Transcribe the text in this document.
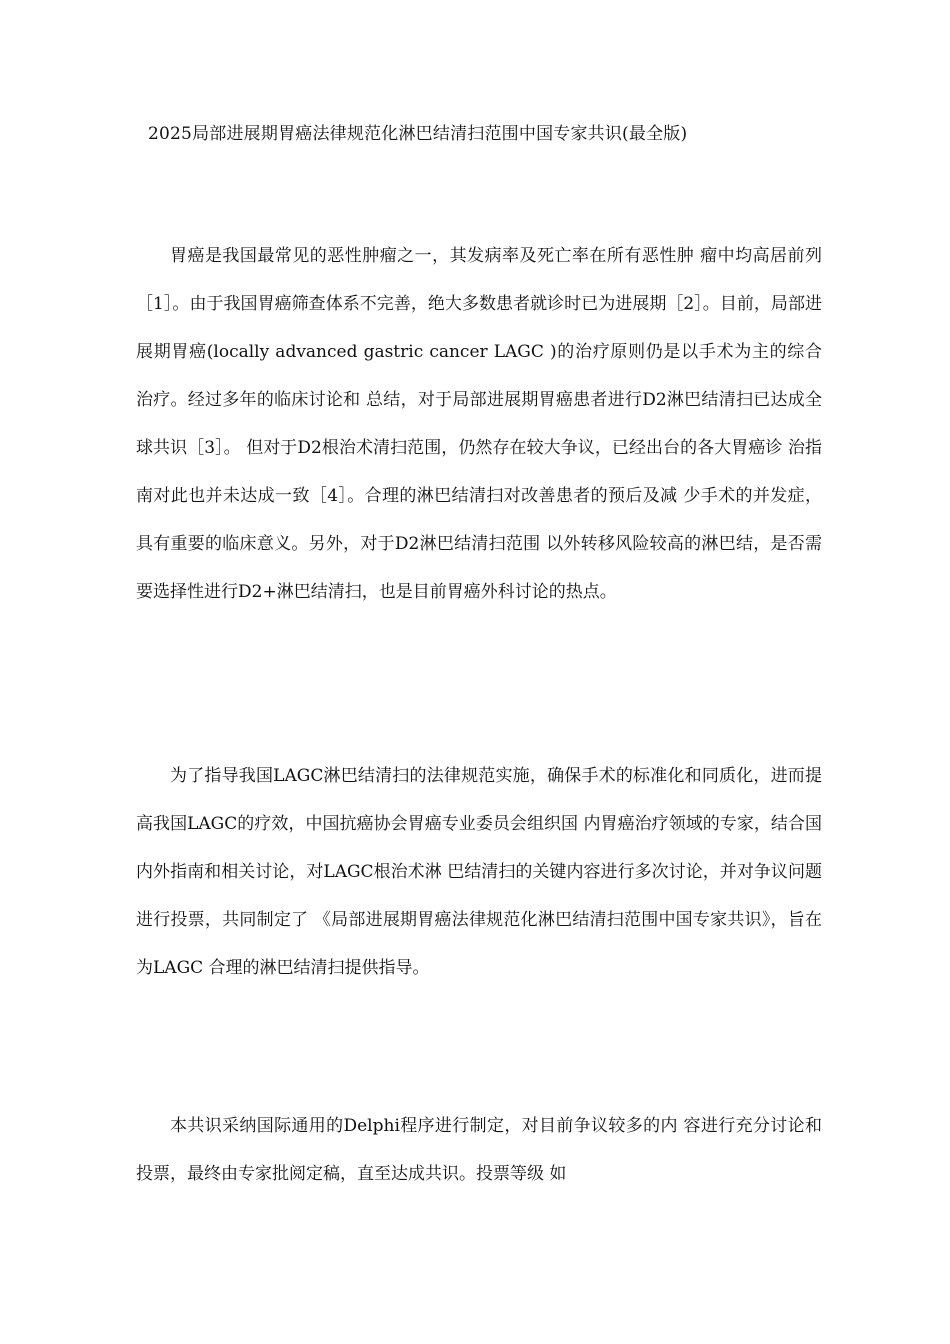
2025局部进展期胃癌法律规范化淋巴结清扫范围中国专家共识(最全版)

胃癌是我国最常见的恶性肿瘤之一，其发病率及死亡率在所有恶性肿 瘤中均高居前列［1］。由于我国胃癌筛查体系不完善，绝大多数患者就诊时已为进展期［2］。目前，局部进展期胃癌(locally advanced gastric cancer LAGC )的治疗原则仍是以手术为主的综合治疗。经过多年的临床讨论和 总结，对于局部进展期胃癌患者进行D2淋巴结清扫已达成全球共识［3］。 但对于D2根治术清扫范围，仍然存在较大争议，已经出台的各大胃癌诊 治指南对此也并未达成一致［4］。合理的淋巴结清扫对改善患者的预后及减 少手术的并发症，具有重要的临床意义。另外，对于D2淋巴结清扫范围 以外转移风险较高的淋巴结，是否需要选择性进行D2+淋巴结清扫，也是目前胃癌外科讨论的热点。

为了指导我国LAGC淋巴结清扫的法律规范实施，确保手术的标准化和同质化，进而提高我国LAGC的疗效，中国抗癌协会胃癌专业委员会组织国 内胃癌治疗领域的专家，结合国内外指南和相关讨论，对LAGC根治术淋 巴结清扫的关键内容进行多次讨论，并对争议问题进行投票，共同制定了 《局部进展期胃癌法律规范化淋巴结清扫范围中国专家共识》，旨在为LAGC 合理的淋巴结清扫提供指导。

本共识采纳国际通用的Delphi程序进行制定，对目前争议较多的内 容进行充分讨论和投票，最终由专家批阅定稿，直至达成共识。投票等级 如
